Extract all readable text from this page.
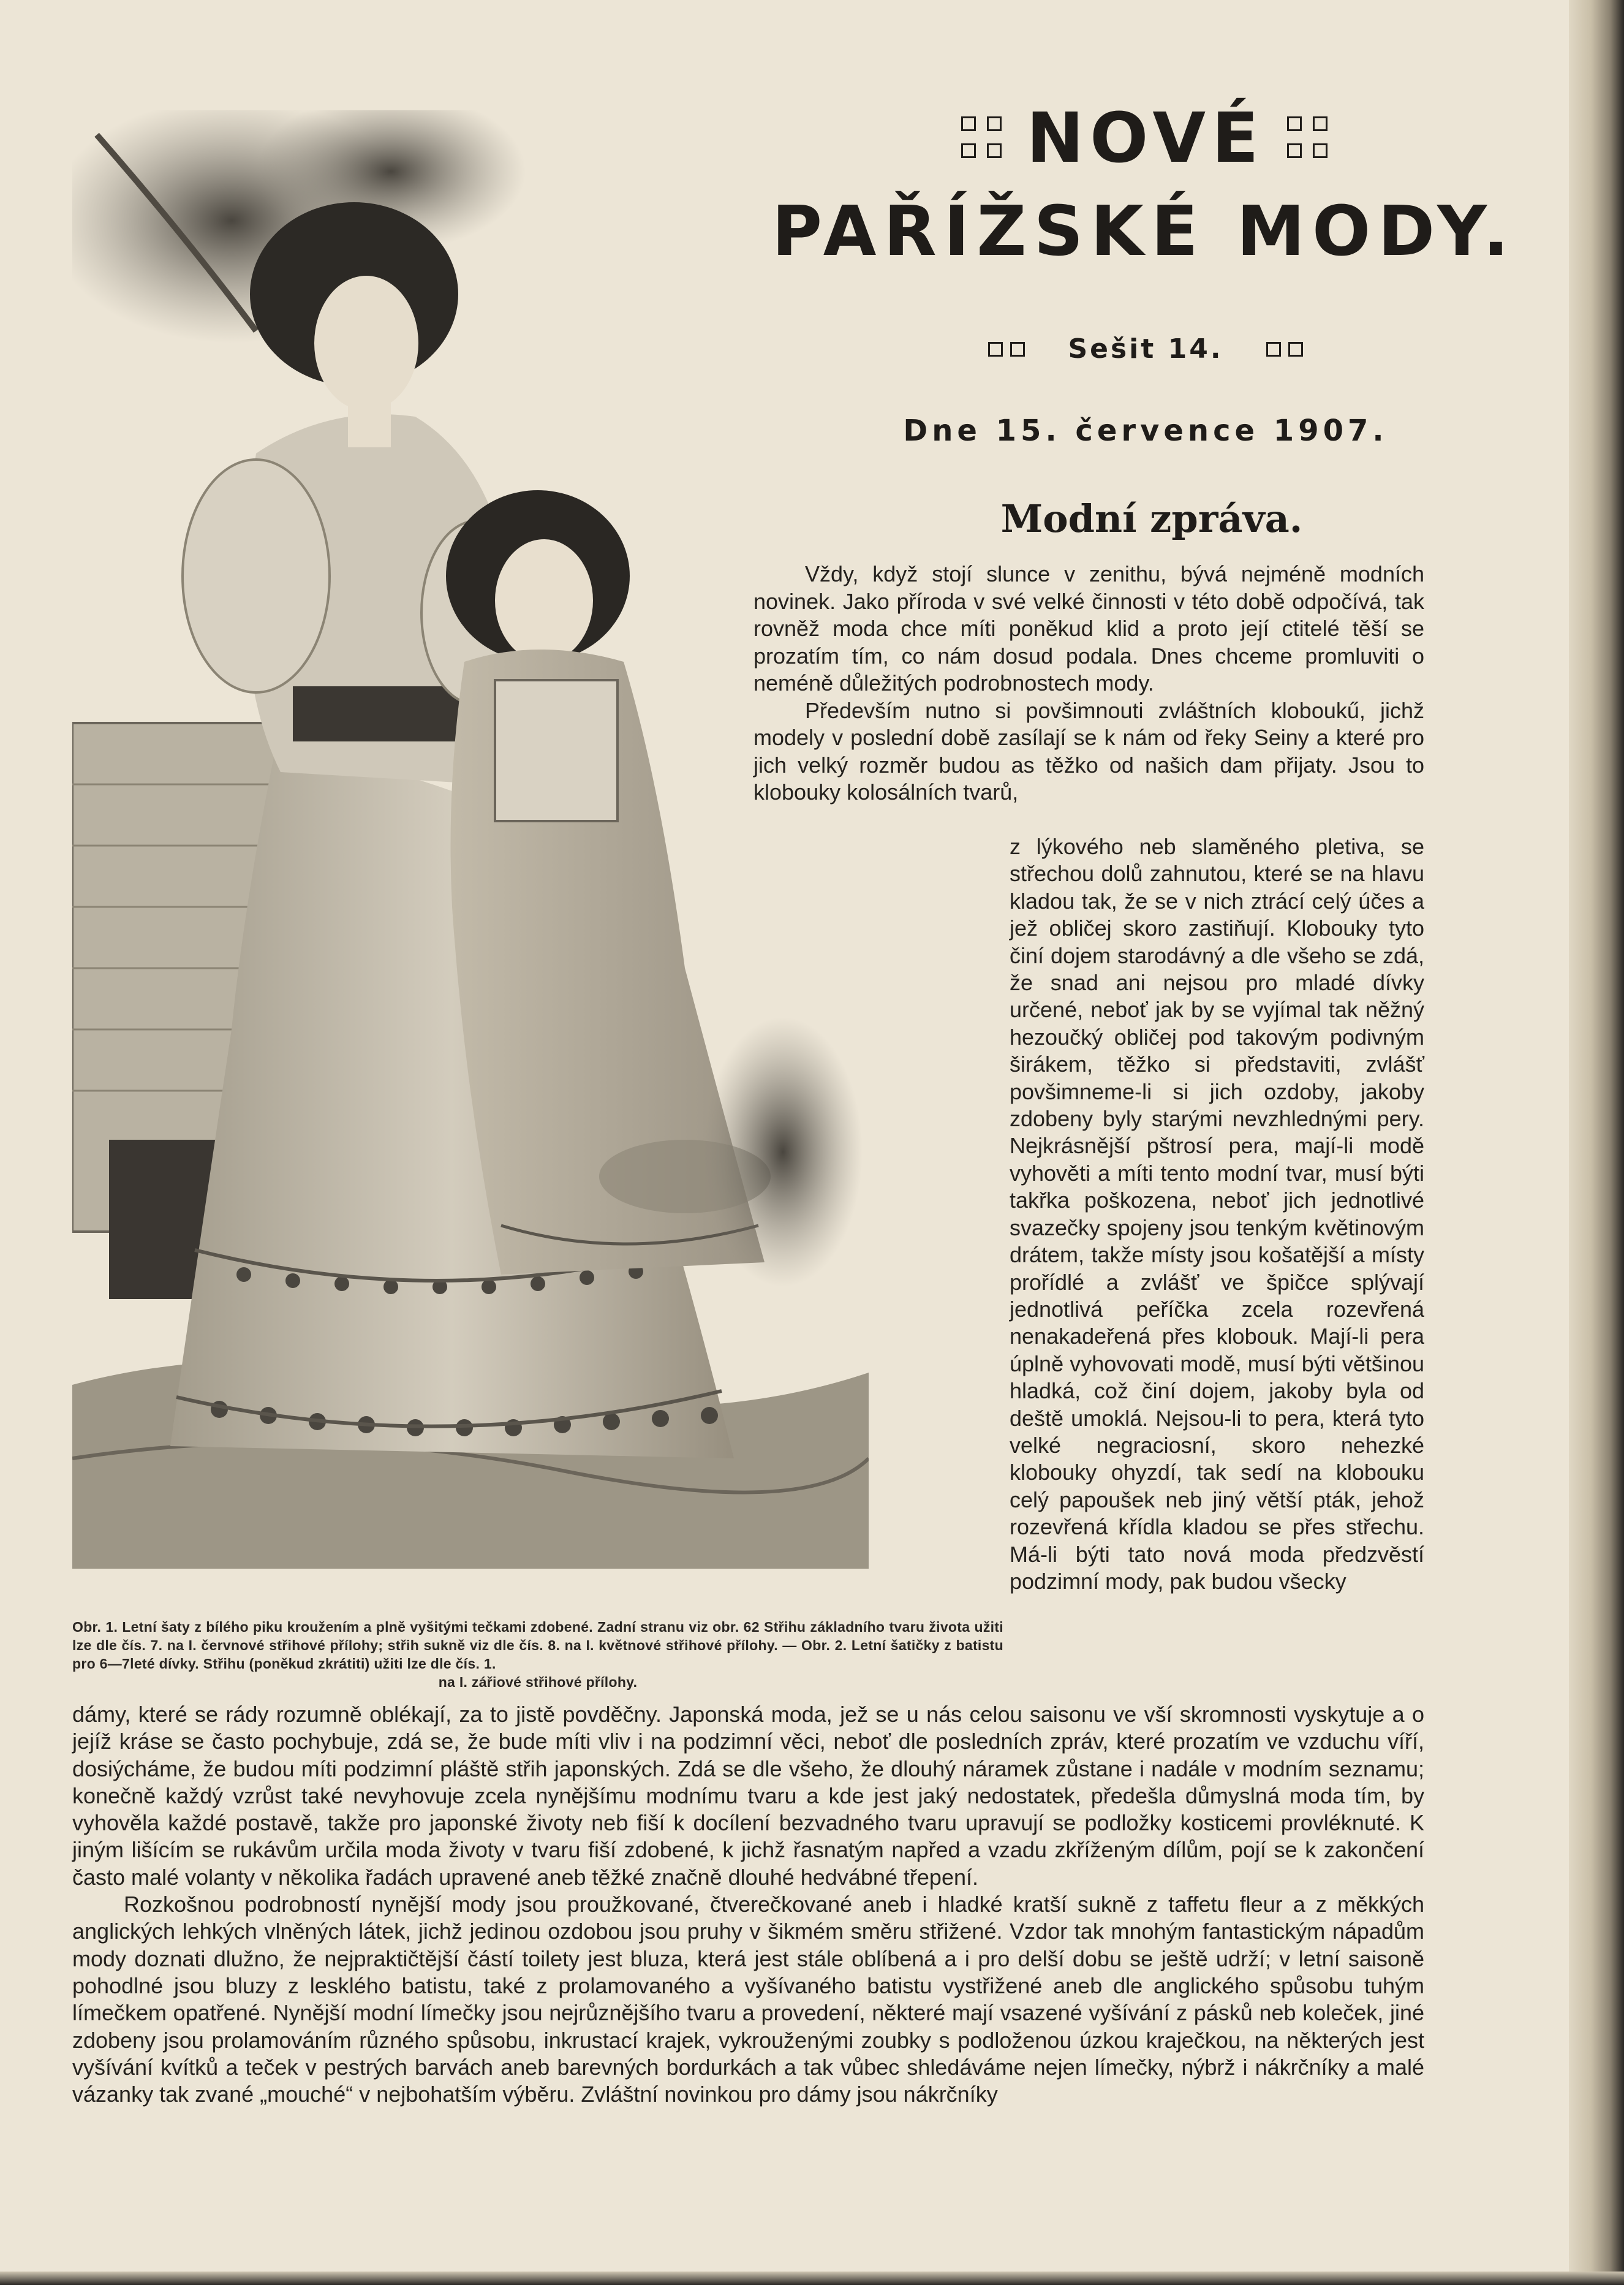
Obr. 1. Letní šaty z bílého piku kroužením a plně vyšitými tečkami zdobené. Zadní stranu viz obr. 62 Střihu základního tvaru života užiti lze dle čís. 7. na I. červnové střihové přílohy; střih sukně viz dle čís. 8. na I. květnové střihové přílohy. — Obr. 2. Letní šatičky z batistu pro 6—7leté dívky. Střihu (poněkud zkrátiti) užiti lze dle čís. 1.
na I. zářiové střihové přílohy.
NOVÉ
PAŘÍŽSKÉ MODY.
Sešit 14.
Dne 15. července 1907.
Modní zpráva.

Vždy, když stojí slunce v zenithu, bývá nejméně modních novinek. Jako příroda v své velké činnosti v této době odpočívá, tak rovněž moda chce míti poněkud klid a proto její ctitelé těší se prozatím tím, co nám dosud podala. Dnes chceme promluviti o neméně důležitých podrobnostech mody.

Především nutno si povšimnouti zvláštních kloboukű, jichž modely v poslední době zasílají se k nám od řeky Seiny a které pro jich velký rozměr budou as těžko od našich dam přijaty. Jsou to klobouky kolosálních tvarů,

z lýkového neb slaměného pletiva, se střechou dolů zahnutou, které se na hlavu kladou tak, že se v nich ztrácí celý účes a jež obličej skoro zastiňují. Klobouky tyto činí dojem starodávný a dle všeho se zdá, že snad ani nejsou pro mladé dívky určené, neboť jak by se vyjímal tak něžný hezoučký obličej pod takovým podivným širákem, těžko si představiti, zvlášť povšimneme-li si jich ozdoby, jakoby zdobeny byly starými nevzhlednými pery. Nejkrásnější pštrosí pera, mají-li modě vyhověti a míti tento modní tvar, musí býti takřka poškozena, neboť jich jednotlivé svazečky spojeny jsou tenkým květinovým drátem, takže místy jsou košatější a místy prořídlé a zvlášť ve špičce splývají jednotlivá peříčka zcela rozevřená nenakadeřená přes klobouk. Mají-li pera úplně vyhovovati modě, musí býti většinou hladká, což činí dojem, jakoby byla od deště umoklá. Nejsou-li to pera, která tyto velké negraciosní, skoro nehezké klobouky ohyzdí, tak sedí na klobouku celý papoušek neb jiný větší pták, jehož rozevřená křídla kladou se přes střechu. Má-li býti tato nová moda předzvěstí podzimní mody, pak budou všecky

dámy, které se rády rozumně oblékají, za to jistě povděčny. Japonská moda, jež se u nás celou saisonu ve vší skromnosti vyskytuje a o jejíž krásе se často pochybuje, zdá se, že bude míti vliv i na podzimní věci, neboť dle posledních zpráv, které prozatím ve vzduchu víří, dosiýcháme, že budou míti podzimní pláště střih japonských. Zdá se dle všeho, že dlouhý náramek zůstane i nadále v modním seznamu; konečně každý vzrůst také nevyhovuje zcela nynějšímu modnímu tvaru a kde jest jaký nedostatek, předešla důmyslná moda tím, by vyhověla každé postavě, takže pro japonské životy neb fiší k docílení bezvadného tvaru upravují se podložky kosticemi provléknuté. K jiným lišícím se rukávům určila moda životy v tvaru fiší zdobené, k jichž řasnatým napřed a vzadu zkříženým dílům, pojí se k zakončení často malé volanty v několika řadách upravené aneb těžké značně dlouhé hedvábné třepení.

Rozkošnou podrobností nynější mody jsou proužkované, čtverečkované aneb i hladké kratší sukně z taffetu fleur a z měkkých anglických lehkých vlněných látek, jichž jedinou ozdobou jsou pruhy v šikmém směru střižené. Vzdor tak mnohým fantastickým nápadům mody doznati dlužno, že nejpraktičtější částí toilety jest bluza, která jest stále oblíbená a i pro delší dobu se ještě udrží; v letní saisoně pohodlné jsou bluzy z lesklého batistu, také z prolamovaného a vyšívaného batistu vystřižené aneb dle anglického spůsobu tuhým límečkem opatřené. Nynější modní límečky jsou nejrůznějšího tvaru a provedení, některé mají vsazené vyšívání z pásků neb koleček, jiné zdobeny jsou prolamováním různého spůsobu, inkrustací krajek, vykrouženými zoubky s podloženou úzkou kraječkou, na některých jest vyšívání kvítků a teček v pestrých barvách aneb barevných bordurkách a tak vůbec shledáváme nejen límečky, nýbrž i nákrčníky a malé vázanky tak zvané „mouché“ v nejbohatším výběru. Zvláštní novinkou pro dámy jsou nákrčníky
